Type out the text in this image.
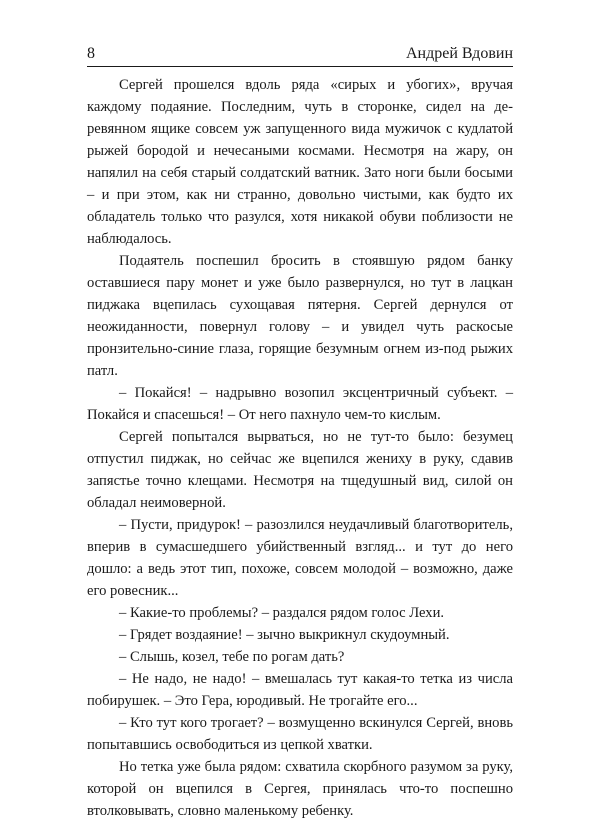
8	Андрей Вдовин

Сергей прошелся вдоль ряда «сирых и убогих», вручая каждому подаяние. Последним, чуть в сторонке, сидел на деревянном ящике совсем уж запущенного вида мужичок с кудлатой рыжей бородой и нечесаными космами. Несмотря на жару, он напялил на себя старый солдатский ватник. Зато ноги были босыми – и при этом, как ни странно, довольно чистыми, как будто их обладатель только что разулся, хотя никакой обуви поблизости не наблюдалось.

Подаятель поспешил бросить в стоявшую рядом банку оставшиеся пару монет и уже было развернулся, но тут в лацкан пиджака вцепилась сухощавая пятерня. Сергей дернулся от неожиданности, повернул голову – и увидел чуть раскосые пронзительно-синие глаза, горящие безумным огнем из-под рыжих патл.

– Покайся! – надрывно возопил эксцентричный субъект. – Покайся и спасешься! – От него пахнуло чем-то кислым.

Сергей попытался вырваться, но не тут-то было: безумец отпустил пиджак, но сейчас же вцепился жениху в руку, сдавив запястье точно клещами. Несмотря на тщедушный вид, силой он обладал неимоверной.

– Пусти, придурок! – разозлился неудачливый благотворитель, вперив в сумасшедшего убийственный взгляд... и тут до него дошло: а ведь этот тип, похоже, совсем молодой – возможно, даже его ровесник...

– Какие-то проблемы? – раздался рядом голос Лехи.

– Грядет воздаяние! – зычно выкрикнул скудоумный.

– Слышь, козел, тебе по рогам дать?

– Не надо, не надо! – вмешалась тут какая-то тетка из числа побирушек. – Это Гера, юродивый. Не трогайте его...

– Кто тут кого трогает? – возмущенно вскинулся Сергей, вновь попытавшись освободиться из цепкой хватки.

Но тетка уже была рядом: схватила скорбного разумом за руку, которой он вцепился в Сергея, принялась что-то поспешно втолковывать, словно маленькому ребенку.
